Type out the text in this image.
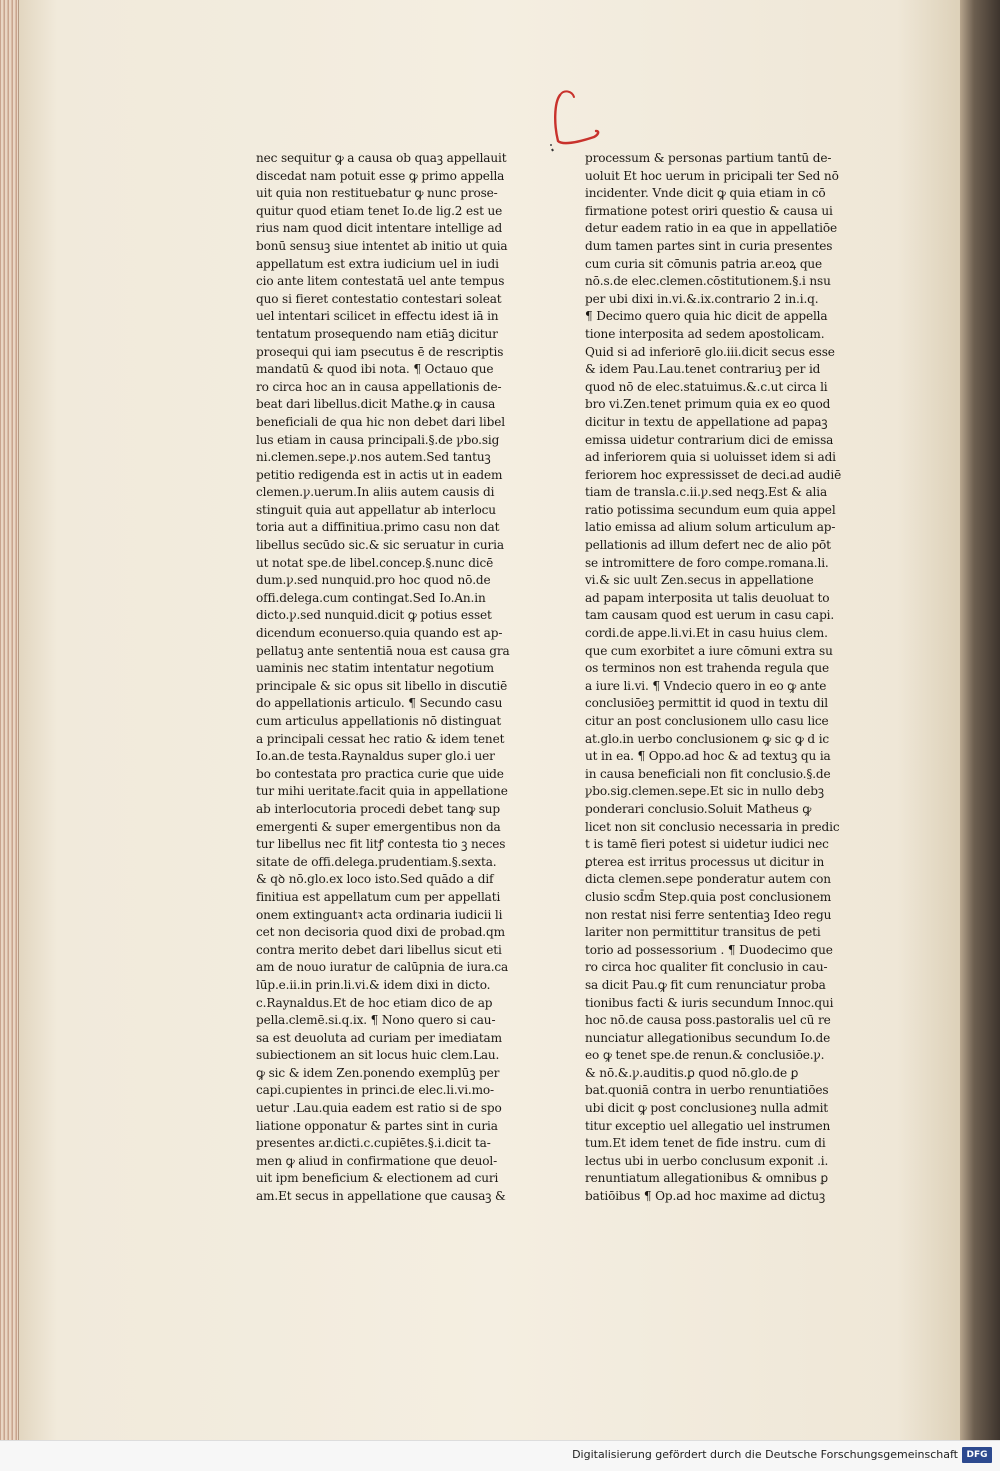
nec sequitur ꝙ a causa ob quaꝫ appellauit
discedat nam potuit esse ꝙ primo appella
uit quia non restituebatur ꝙ nunc prose-
quitur quod etiam tenet Io.de lig.2 est ue
rius nam quod dicit intentare intellige ad
bonū sensuꝫ siue intentet ab initio ut quia
appellatum est extra iudicium uel in iudi
cio ante litem contestatā uel ante tempus
quo si fieret contestatio contestari soleat
uel intentari scilicet in effectu idest iā in
tentatum prosequendo nam etiāꝫ dicitur
prosequi qui iam psecutus ē de rescriptis
mandatū & quod ibi nota. ¶ Octauo que
ro circa hoc an in causa appellationis de-
beat dari libellus.dicit Mathe.ꝙ in causa
beneficiali de qua hic non debet dari libel
lus etiam in causa principali.§.de ꝩbo.sig
ni.clemen.sepe.ꝩ.nos autem.Sed tantuꝫ
petitio redigenda est in actis ut in eadem
clemen.ꝩ.uerum.In aliis autem causis di
stinguit quia aut appellatur ab interlocu
toria aut a diffinitiua.primo casu non dat
libellus secūdo sic.& sic seruatur in curia
ut notat spe.de libel.concep.§.nunc dicē
dum.ꝩ.sed nunquid.pro hoc quod nō.de
offi.delega.cum contingat.Sed Io.An.in
dicto.ꝩ.sed nunquid.dicit ꝙ potius esset
dicendum econuerso.quia quando est ap-
pellatuꝫ ante sententiā noua est causa gra
uaminis nec statim intentatur negotium
principale & sic opus sit libello in discutiē
do appellationis articulo. ¶ Secundo casu
cum articulus appellationis nō distinguat
a principali cessat hec ratio & idem tenet
Io.an.de testa.Raynaldus super glo.i uer
bo contestata pro practica curie que uide
tur mihi ueritate.facit quia in appellatione
ab interlocutoria procedi debet tanꝙ sup
emergenti & super emergentibus non da
tur libellus nec fit litꝭ contesta tio ꝫ neces
sitate de offi.delega.prudentiam.§.sexta.
& qꝺ nō.glo.ex loco isto.Sed quādo a dif
finitiua est appellatum cum per appellati
onem extinguantꝛ acta ordinaria iudicii li
cet non decisoria quod dixi de probad.qm
contra merito debet dari libellus sicut eti
am de nouo iuratur de calūpnia de iura.ca
lūp.e.ii.in prin.li.vi.& idem dixi in dicto.
c.Raynaldus.Et de hoc etiam dico de ap
pella.clemē.si.q.ix. ¶ Nono quero si cau-
sa est deuoluta ad curiam per imediatam
subiectionem an sit locus huic clem.Lau.
ꝙ sic & idem Zen.ponendo exemplūꝫ per
capi.cupientes in princi.de elec.li.vi.mo-
uetur .Lau.quia eadem est ratio si de spo
liatione opponatur & partes sint in curia
presentes ar.dicti.c.cupiētes.§.i.dicit ta-
men ꝙ aliud in confirmatione que deuol-
uit ipm beneficium & electionem ad curi
am.Et secus in appellatione que causaꝫ &
processum & personas partium tantū de-
uoluit Et hoc uerum in pricipali ter Sed nō
incidenter. Vnde dicit ꝙ quia etiam in cō
firmatione potest oriri questio & causa ui
detur eadem ratio in ea que in appellatiōe
dum tamen partes sint in curia presentes
cum curia sit cōmunis patria ar.eoꝝ que
nō.s.de elec.clemen.cōstitutionem.§.i nsu
per ubi dixi in.vi.&.ix.contrario 2 in.i.q.
¶ Decimo quero quia hic dicit de appella
tione interposita ad sedem apostolicam.
Quid si ad inferiorē glo.iii.dicit secus esse
& idem Pau.Lau.tenet contrariuꝫ per id
quod nō de elec.statuimus.&.c.ut circa li
bro vi.Zen.tenet primum quia ex eo quod
dicitur in textu de appellatione ad papaꝫ
emissa uidetur contrarium dici de emissa
ad inferiorem quia si uoluisset idem si adi
feriorem hoc expressisset de deci.ad audiē
tiam de transla.c.ii.ꝩ.sed neqꝫ.Est & alia
ratio potissima secundum eum quia appel
latio emissa ad alium solum articulum ap-
pellationis ad illum defert nec de alio pōt
se intromittere de foro compe.romana.li.
vi.& sic uult Zen.secus in appellatione
ad papam interposita ut talis deuoluat to
tam causam quod est uerum in casu capi.
cordi.de appe.li.vi.Et in casu huius clem.
que cum exorbitet a iure cōmuni extra su
os terminos non est trahenda regula que
a iure li.vi. ¶ Vndecio quero in eo ꝙ ante
conclusiōeꝫ permittit id quod in textu dil
citur an post conclusionem ullo casu lice
at.glo.in uerbo conclusionem ꝙ sic ꝙ d ic
ut in ea. ¶ Oppo.ad hoc & ad textuꝫ qu ia
in causa beneficiali non fit conclusio.§.de
ꝩbo.sig.clemen.sepe.Et sic in nullo debꝫ
ponderari conclusio.Soluit Matheus ꝙ
licet non sit conclusio necessaria in predic
t is tamē fieri potest si uidetur iudici nec
ꝑterea est irritus processus ut dicitur in
dicta clemen.sepe ponderatur autem con
clusio scd̄m Step.quia post conclusionem
non restat nisi ferre sententiaꝫ Ideo regu
lariter non permittitur transitus de peti
torio ad possessorium . ¶ Duodecimo que
ro circa hoc qualiter fit conclusio in cau-
sa dicit Pau.ꝙ fit cum renunciatur proba
tionibus facti & iuris secundum Innoc.qui
hoc nō.de causa poss.pastoralis uel cū re
nunciatur allegationibus secundum Io.de
eo ꝙ tenet spe.de renun.& conclusiōe.ꝩ.
& nō.&.ꝩ.auditis.ꝑ quod nō.glo.de ꝑ
bat.quoniā contra in uerbo renuntiatiōes
ubi dicit ꝙ post conclusioneꝫ nulla admit
titur exceptio uel allegatio uel instrumen
tum.Et idem tenet de fide instru. cum di
lectus ubi in uerbo conclusum exponit .i.
renuntiatum allegationibus & omnibus ꝑ
batiōibus ¶ Op.ad hoc maxime ad dictuꝫ
Digitalisierung gefördert durch die Deutsche Forschungsgemeinschaft DFG
